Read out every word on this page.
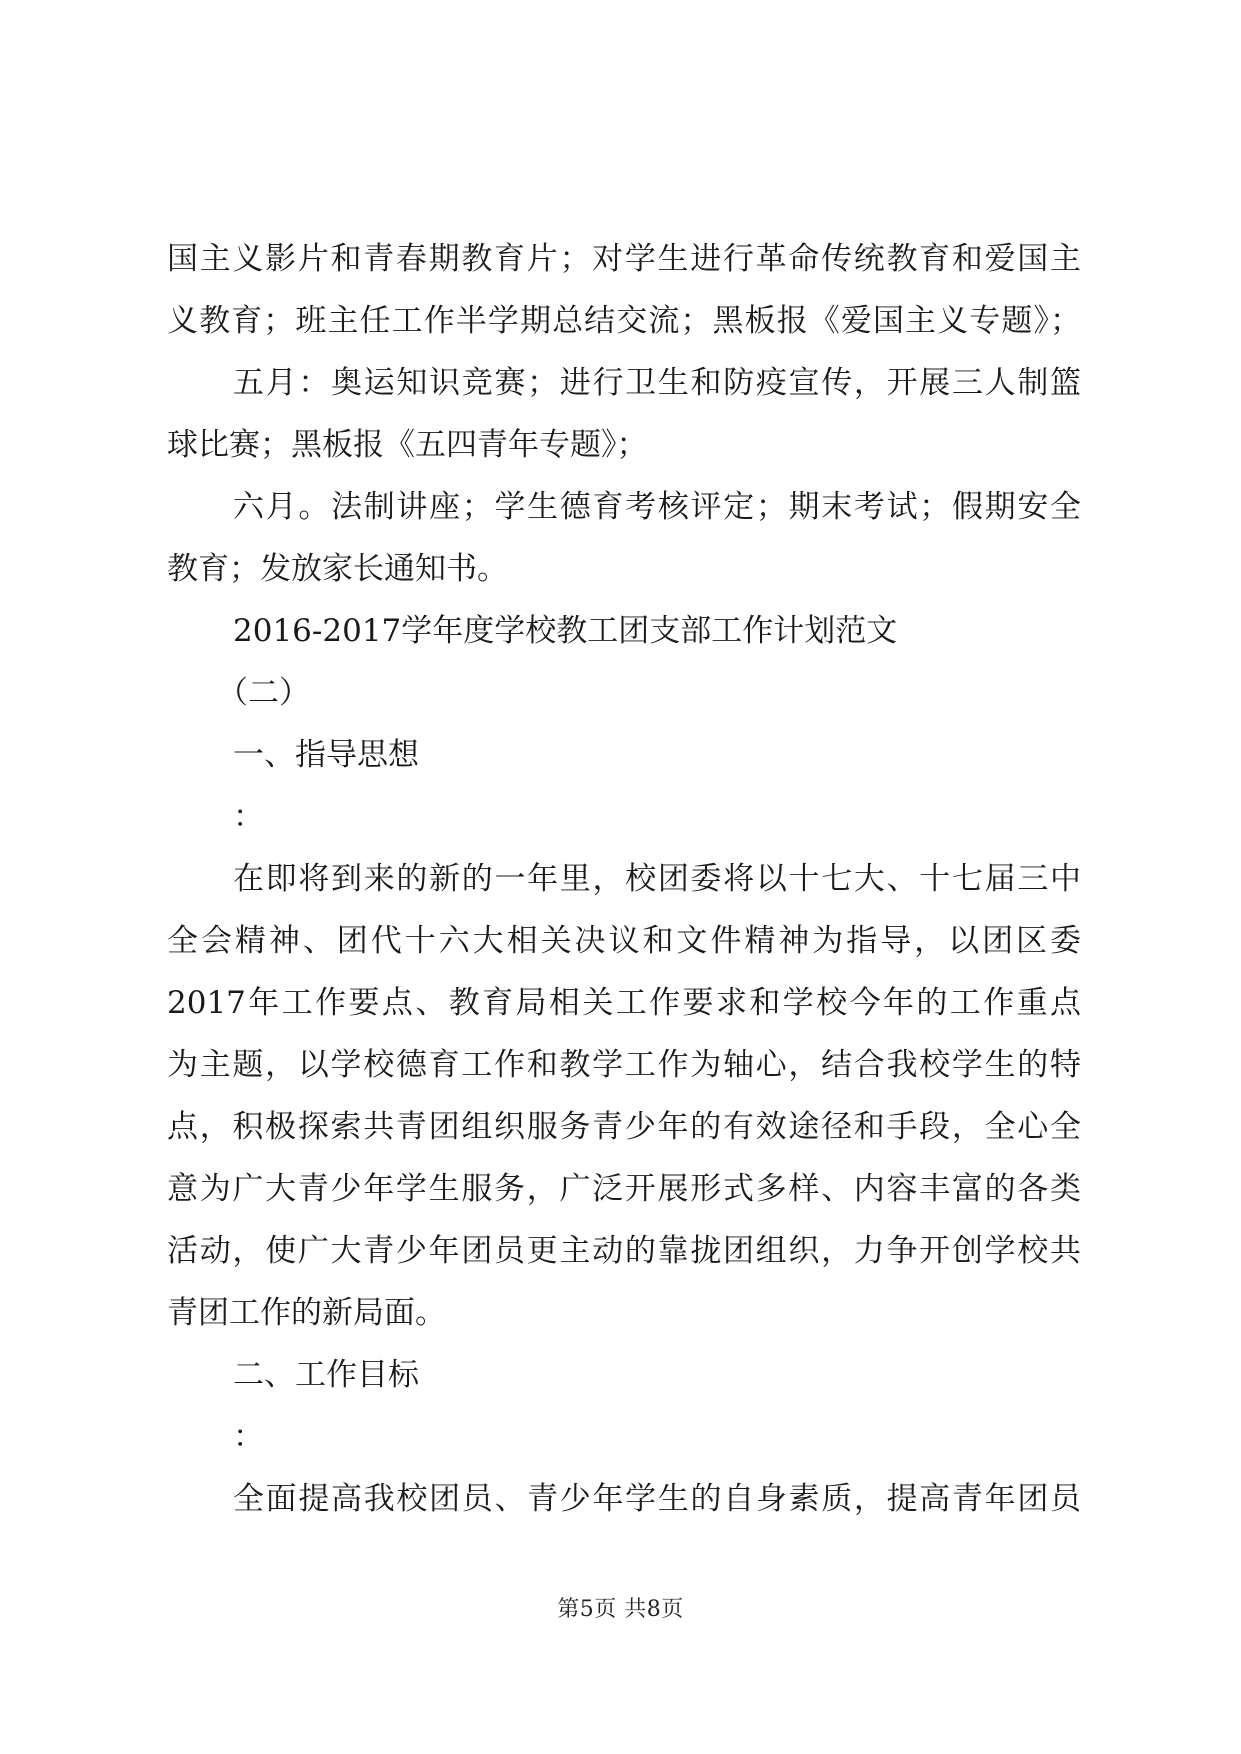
国主义影片和青春期教育片；对学生进行革命传统教育和爱国主
义教育；班主任工作半学期总结交流；黑板报《爱国主义专题》；
五月：奥运知识竞赛；进行卫生和防疫宣传，开展三人制篮
球比赛；黑板报《五四青年专题》；
六月。法制讲座；学生德育考核评定；期末考试；假期安全
教育；发放家长通知书。
2016-2017学年度学校教工团支部工作计划范文
（二）
一、指导思想
：
在即将到来的新的一年里，校团委将以十七大、十七届三中
全会精神、团代十六大相关决议和文件精神为指导，以团区委
2017年工作要点、教育局相关工作要求和学校今年的工作重点
为主题，以学校德育工作和教学工作为轴心，结合我校学生的特
点，积极探索共青团组织服务青少年的有效途径和手段，全心全
意为广大青少年学生服务，广泛开展形式多样、内容丰富的各类
活动，使广大青少年团员更主动的靠拢团组织，力争开创学校共
青团工作的新局面。
二、工作目标
：
全面提高我校团员、青少年学生的自身素质，提高青年团员
第5页 共8页
